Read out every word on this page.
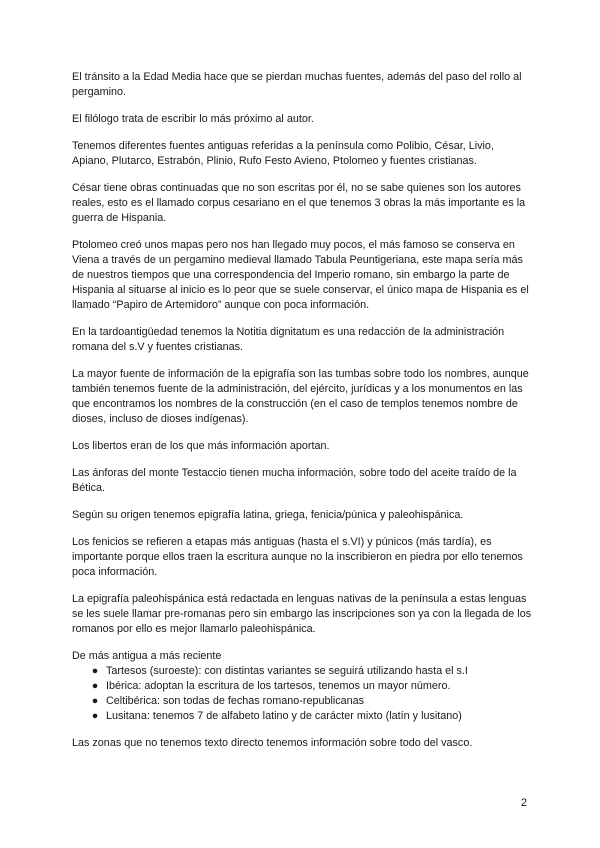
El tránsito a la Edad Media hace que se pierdan muchas fuentes, además del paso del rollo al pergamino.

El filólogo trata de escribir lo más próximo al autor.

Tenemos diferentes fuentes antiguas referidas a la península como Polibio, César, Livio, Apiano, Plutarco, Estrabón, Plinio, Rufo Festo Avieno, Ptolomeo y fuentes cristianas.

César tiene obras continuadas que no son escritas por él, no se sabe quienes son los autores reales, esto es el llamado corpus cesariano en el que tenemos 3 obras la más importante es la guerra de Hispania.

Ptolomeo creó unos mapas pero nos han llegado muy pocos, el más famoso se conserva en Viena a través de un pergamino medieval llamado Tabula Peuntigeriana, este mapa sería más de nuestros tiempos que una correspondencia del Imperio romano, sin embargo la parte de Hispania al situarse al inicio es lo peor que se suele conservar, el único mapa de Hispania es el llamado “Papiro de Artemidoro” aunque con poca información.

En la tardoantigüedad tenemos la Notitia dignitatum es una redacción de la administración romana del s.V y fuentes cristianas.

La mayor fuente de información de la epigrafía son las tumbas sobre todo los nombres, aunque también tenemos fuente de la administración, del ejército, jurídicas y a los monumentos en las que encontramos los nombres de la construcción (en el caso de templos tenemos nombre de dioses, incluso de dioses indígenas).

Los libertos eran de los que más información aportan.

Las ánforas del monte Testaccio tienen mucha información, sobre todo del aceite traído de la Bética.

Según su origen tenemos epigrafía latina, griega, fenicia/púnica y paleohispánica.

Los fenicios se refieren a etapas más antiguas (hasta el s.VI) y púnicos (más tardía), es importante porque ellos traen la escritura aunque no la inscribieron en piedra por ello tenemos poca información.

La epigrafía paleohispánica está redactada en lenguas nativas de la península a estas lenguas se les suele llamar pre-romanas pero sin embargo las inscripciones son ya con la llegada de los romanos por ello es mejor llamarlo paleohispánica.

De más antigua a más reciente

● Tartesos (suroeste): con distintas variantes se seguirá utilizando hasta el s.I
● Ibérica: adoptan la escritura de los tartesos, tenemos un mayor número.
● Celtibérica: son todas de fechas romano-republicanas
● Lusitana: tenemos 7 de alfabeto latino y de carácter mixto (latín y lusitano)

Las zonas que no tenemos texto directo tenemos información sobre todo del vasco.

2
